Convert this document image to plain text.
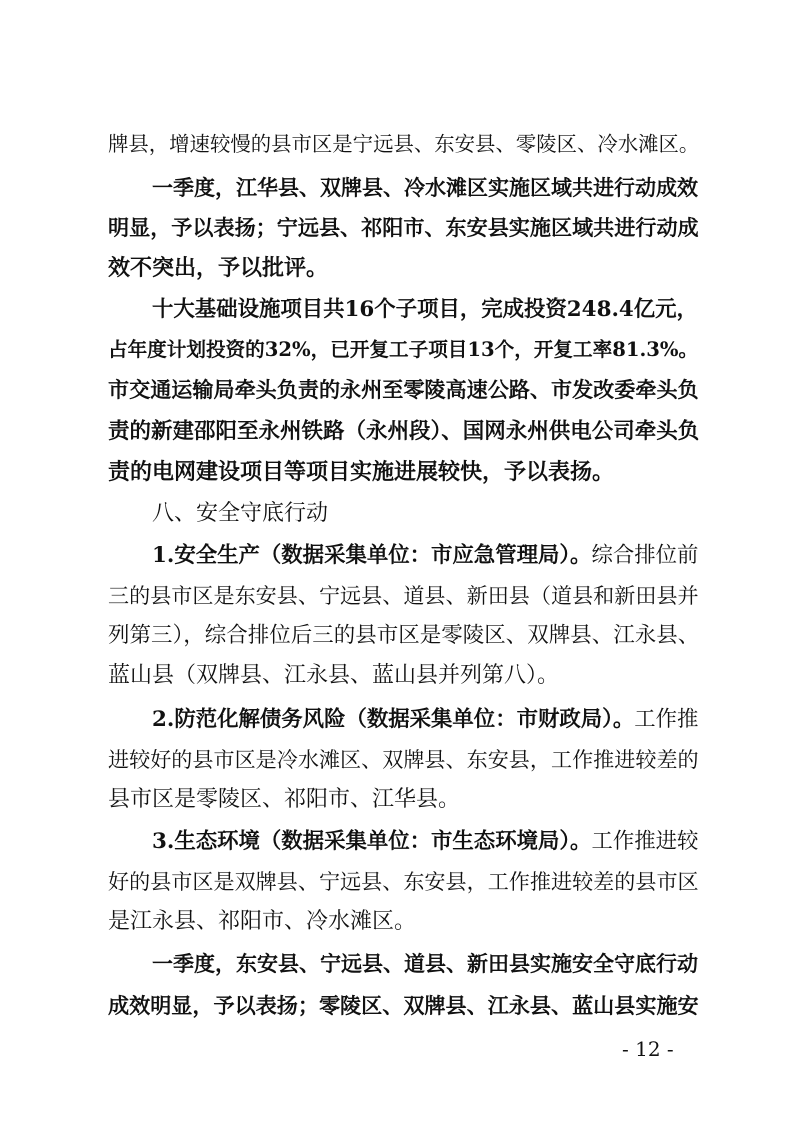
牌县，增速较慢的县市区是宁远县、东安县、零陵区、冷水滩区。
一季度，江华县、双牌县、冷水滩区实施区域共进行动成效
明显，予以表扬；宁远县、祁阳市、东安县实施区域共进行动成
效不突出，予以批评。
十大基础设施项目共16个子项目，完成投资248.4亿元，
占年度计划投资的32%，已开复工子项目13个，开复工率81.3%。
市交通运输局牵头负责的永州至零陵高速公路、市发改委牵头负
责的新建邵阳至永州铁路（永州段）、国网永州供电公司牵头负
责的电网建设项目等项目实施进展较快，予以表扬。
八、安全守底行动
1.安全生产（数据采集单位：市应急管理局）。综合排位前
三的县市区是东安县、宁远县、道县、新田县（道县和新田县并
列第三），综合排位后三的县市区是零陵区、双牌县、江永县、
蓝山县（双牌县、江永县、蓝山县并列第八）。
2.防范化解债务风险（数据采集单位：市财政局）。工作推
进较好的县市区是冷水滩区、双牌县、东安县，工作推进较差的
县市区是零陵区、祁阳市、江华县。
3.生态环境（数据采集单位：市生态环境局）。工作推进较
好的县市区是双牌县、宁远县、东安县，工作推进较差的县市区
是江永县、祁阳市、冷水滩区。
一季度，东安县、宁远县、道县、新田县实施安全守底行动
成效明显，予以表扬；零陵区、双牌县、江永县、蓝山县实施安
- 12 -
